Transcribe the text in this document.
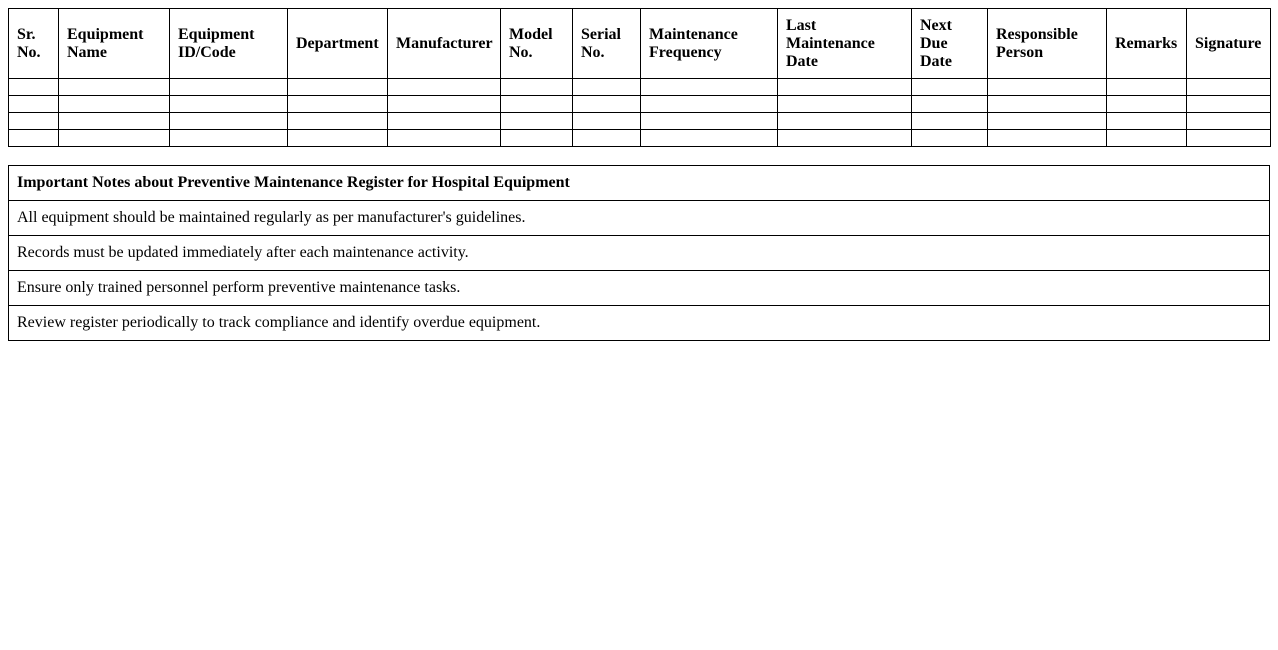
Sr. No.	Equipment Name	Equipment ID/Code	Department	Manufacturer	Model No.	Serial No.	Maintenance Frequency	Last Maintenance Date	Next Due Date	Responsible Person	Remarks	Signature

Important Notes about Preventive Maintenance Register for Hospital Equipment
All equipment should be maintained regularly as per manufacturer's guidelines.
Records must be updated immediately after each maintenance activity.
Ensure only trained personnel perform preventive maintenance tasks.
Review register periodically to track compliance and identify overdue equipment.
